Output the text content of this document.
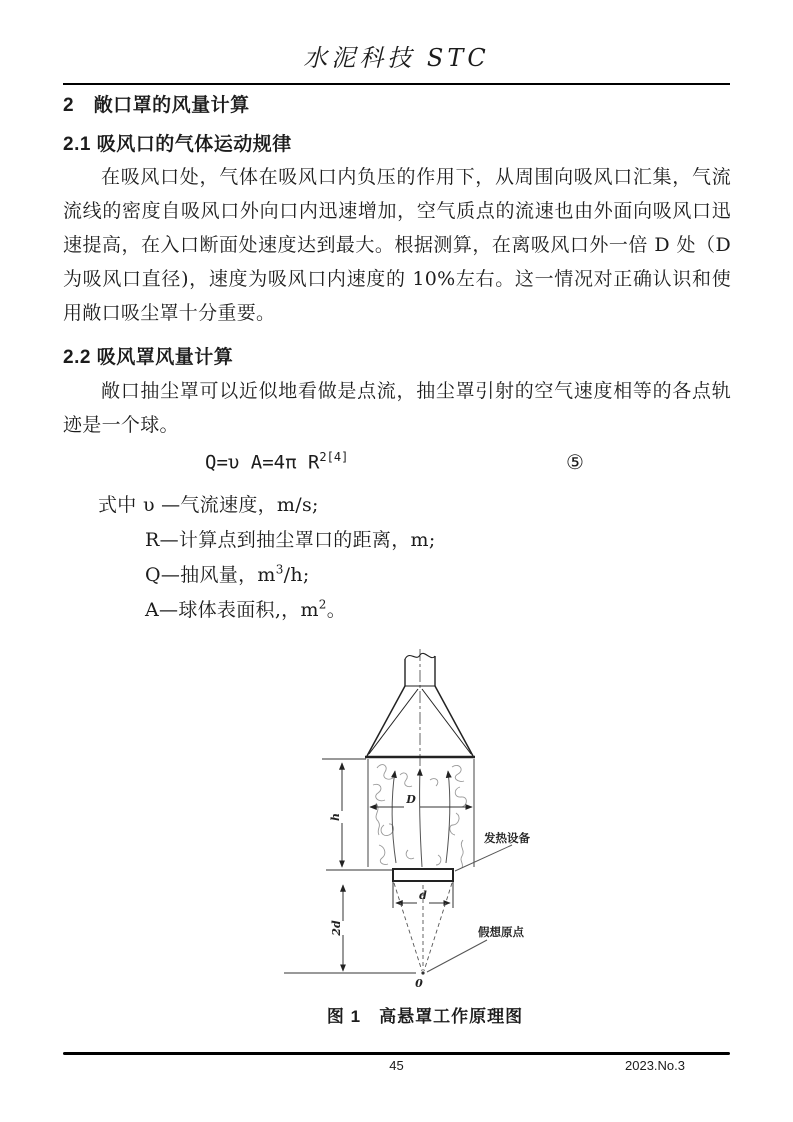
水泥科技 STC
2　敞口罩的风量计算
2.1 吸风口的气体运动规律
在吸风口处，气体在吸风口内负压的作用下，从周围向吸风口汇集，气流流线的密度自吸风口外向口内迅速增加，空气质点的流速也由外面向吸风口迅速提高，在入口断面处速度达到最大。根据测算，在离吸风口外一倍 D 处（D 为吸风口直径)，速度为吸风口内速度的 10%左右。这一情况对正确认识和使用敞口吸尘罩十分重要。
2.2 吸风罩风量计算
敞口抽尘罩可以近似地看做是点流，抽尘罩引射的空气速度相等的各点轨迹是一个球。
Q=υ A=4π $R^{2[4]}$	⑤
式中 υ —气流速度，m/s;
R—计算点到抽尘罩口的距离，m;
Q—抽风量，$m^3/h$;
A—球体表面积,，$m^2$。
D
h
d
2d
0
发热设备
假想原点
图 1　高悬罩工作原理图
45	2023.No.3
